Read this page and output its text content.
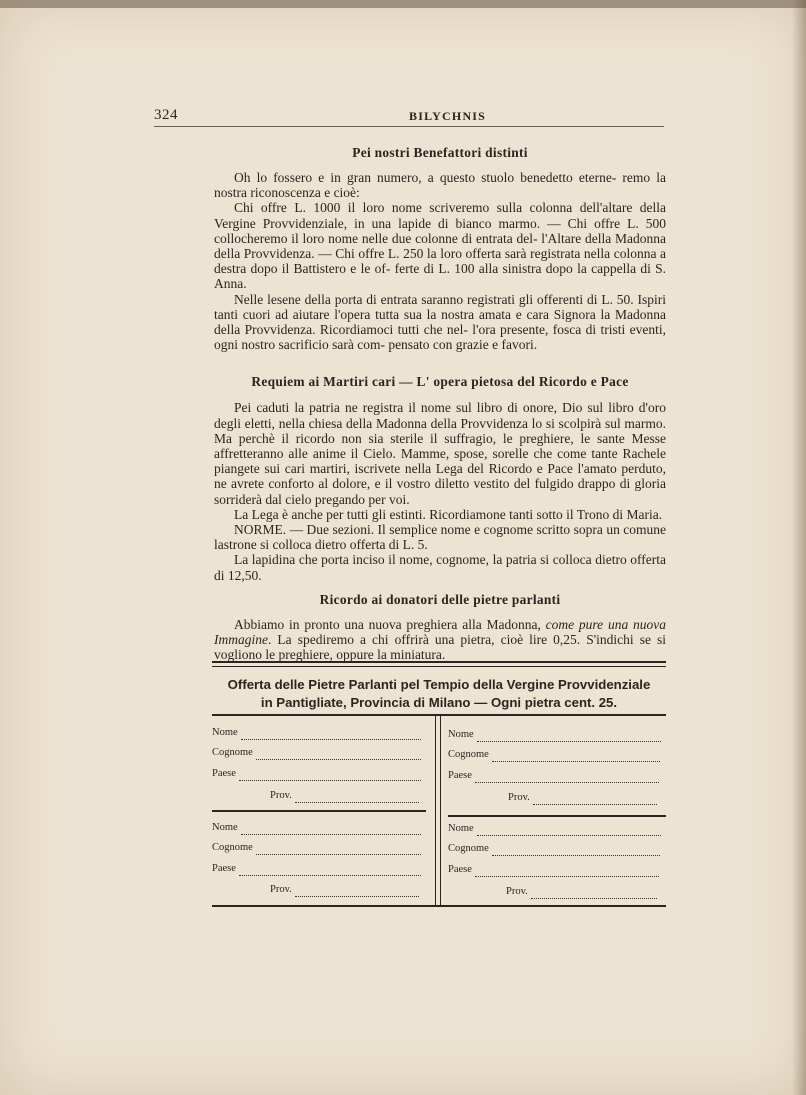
324	BILYCHNIS
Pei nostri Benefattori distinti

Oh lo fossero e in gran numero, a questo stuolo benedetto eterne- remo la nostra riconoscenza e cioè:

Chi offre L. 1000 il loro nome scriveremo sulla colonna dell'altare della Vergine Provvidenziale, in una lapide di bianco marmo. — Chi offre L. 500 collocheremo il loro nome nelle due colonne di entrata del- l'Altare della Madonna della Provvidenza. — Chi offre L. 250 la loro offerta sarà registrata nella colonna a destra dopo il Battistero e le of- ferte di L. 100 alla sinistra dopo la cappella di S. Anna.

Nelle lesene della porta di entrata saranno registrati gli offerenti di L. 50. Ispiri tanti cuori ad aiutare l'opera tutta sua la nostra amata e cara Signora la Madonna della Provvidenza. Ricordiamoci tutti che nel- l'ora presente, fosca di tristi eventi, ogni nostro sacrificio sarà com- pensato con grazie e favori.

Requiem ai Martiri cari — L' opera pietosa del Ricordo e Pace

Pei caduti la patria ne registra il nome sul libro di onore, Dio sul libro d'oro degli eletti, nella chiesa della Madonna della Provvidenza lo si scolpirà sul marmo. Ma perchè il ricordo non sia sterile il suffragio, le preghiere, le sante Messe affretteranno alle anime il Cielo. Mamme, spose, sorelle che come tante Rachele piangete sui cari martiri, iscrivete nella Lega del Ricordo e Pace l'amato perduto, ne avrete conforto al dolore, e il vostro diletto vestito del fulgido drappo di gloria sorriderà dal cielo pregando per voi.

La Lega è anche per tutti gli estinti. Ricordiamone tanti sotto il Trono di Maria.

NORME. — Due sezioni. Il semplice nome e cognome scritto sopra un comune lastrone si colloca dietro offerta di L. 5.

La lapidina che porta inciso il nome, cognome, la patria si colloca dietro offerta di 12,50.

Ricordo ai donatori delle pietre parlanti

Abbiamo in pronto una nuova preghiera alla Madonna, come pure una nuova Immagine. La spediremo a chi offrirà una pietra, cioè lire 0,25. S'indichi se si vogliono le preghiere, oppure la miniatura.

Offerta delle Pietre Parlanti pel Tempio della Vergine Provvidenziale
in Pantigliate, Provincia di Milano — Ogni pietra cent. 25.
Nome
Cognome
Paese
Prov.
Nome
Cognome
Paese
Prov.
Nome
Cognome
Paese
Prov.
Nome
Cognome
Paese
Prov.
